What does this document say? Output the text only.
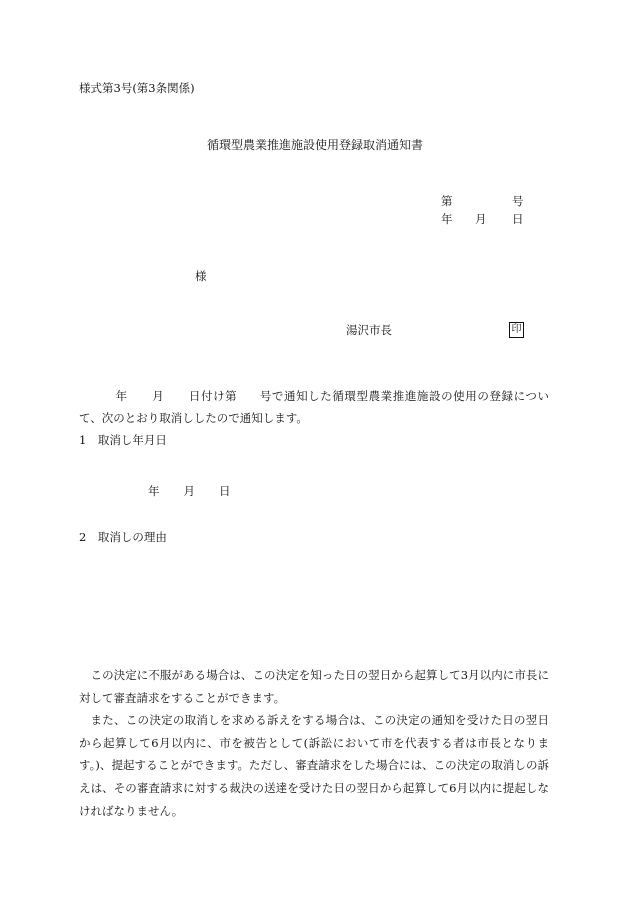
様式第3号(第3条関係)
循環型農業推進施設使用登録取消通知書
第	号
年 月 日
様
湯沢市長	印
年 月 日付け第 号で通知した循環型農業推進施設の使用の登録について、次のとおり取消ししたので通知します。
1　取消し年月日
年 月 日
2　取消しの理由

この決定に不服がある場合は、この決定を知った日の翌日から起算して3月以内に市長に対して審査請求をすることができます。

また、この決定の取消しを求める訴えをする場合は、この決定の通知を受けた日の翌日から起算して6月以内に、市を被告として(訴訟において市を代表する者は市長となります。)、提起することができます。ただし、審査請求をした場合には、この決定の取消しの訴えは、その審査請求に対する裁決の送達を受けた日の翌日から起算して6月以内に提起しなければなりません。
